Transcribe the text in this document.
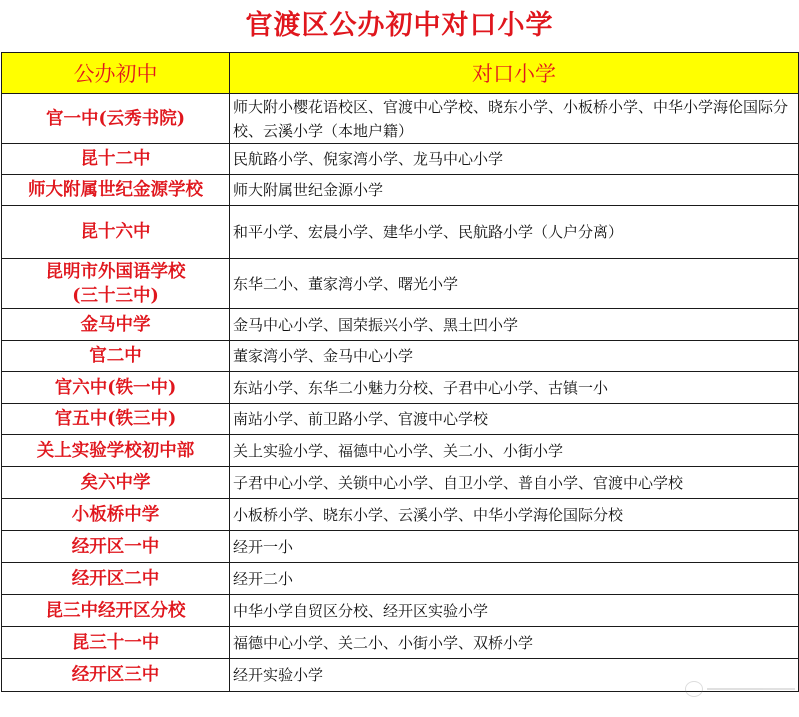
官渡区公办初中对口小学
公办初中	对口小学

官一中(云秀书院)	师大附小樱花语校区、官渡中心学校、晓东小学、小板桥小学、中华小学海伦国际分校、云溪小学（本地户籍）

昆十二中	民航路小学、倪家湾小学、龙马中心小学

师大附属世纪金源学校	师大附属世纪金源小学

昆十六中	和平小学、宏晨小学、建华小学、民航路小学（人户分离）

昆明市外国语学校
(三十三中)	东华二小、董家湾小学、曙光小学

金马中学	金马中心小学、国荣振兴小学、黑土凹小学

官二中	董家湾小学、金马中心小学

官六中(铁一中)	东站小学、东华二小魅力分校、子君中心小学、古镇一小

官五中(铁三中)	南站小学、前卫路小学、官渡中心学校

关上实验学校初中部	关上实验小学、福德中心小学、关二小、小街小学

矣六中学	子君中心小学、关锁中心小学、自卫小学、普自小学、官渡中心学校

小板桥中学	小板桥小学、晓东小学、云溪小学、中华小学海伦国际分校

经开区一中	经开一小

经开区二中	经开二小

昆三中经开区分校	中华小学自贸区分校、经开区实验小学

昆三十一中	福德中心小学、关二小、小街小学、双桥小学

经开区三中	经开实验小学
